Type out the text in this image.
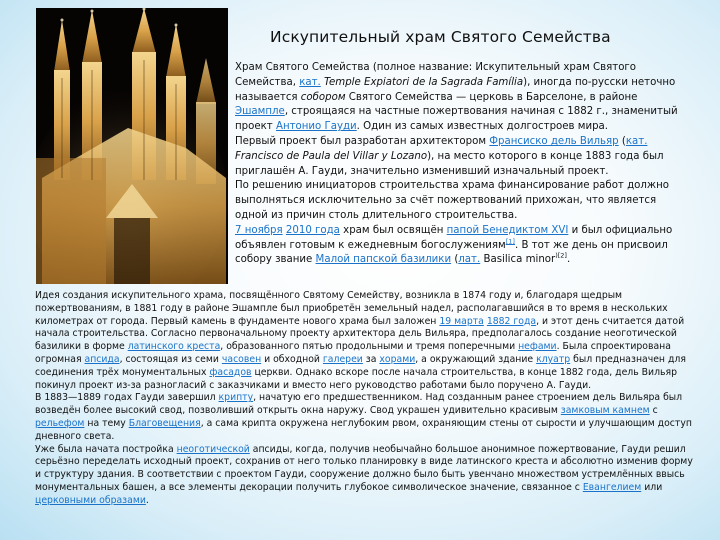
Искупительный храм Святого Семейства

Храм Святого Семейства (полное название: Искупительный храм Святого Семейства, кат. Temple Expiatori de la Sagrada Família), иногда по-русски неточно называется собором Святого Семейства — церковь в Барселоне, в районе Эшампле, строящаяся на частные пожертвования начиная с 1882 г., знаменитый проект Антонио Гауди. Один из самых известных долгостроев мира.

Первый проект был разработан архитектором Франсиско дель Вильяр (кат. Francisco de Paula del Villar y Lozano), на место которого в конце 1883 года был приглашён А. Гауди, значительно изменивший изначальный проект.

По решению инициаторов строительства храма финансирование работ должно выполняться исключительно за счёт пожертвований прихожан, что является одной из причин столь длительного строительства.

7 ноября 2010 года храм был освящён папой Бенедиктом XVI и был официально объявлен готовым к ежедневным богослужениям[1]. В тот же день он присвоил собору звание Малой папской базилики (лат. Basilica minor$^{)[2]}$.

Идея создания искупительного храма, посвящённого Святому Семейству, возникла в 1874 году и, благодаря щедрым пожертвованиям, в 1881 году в районе Эшампле был приобретён земельный надел, располагавшийся в то время в нескольких километрах от города. Первый камень в фундаменте нового храма был заложен 19 марта 1882 года, и этот день считается датой начала строительства. Согласно первоначальному проекту архитектора дель Вильяра, предполагалось создание неоготической базилики в форме латинского креста, образованного пятью продольными и тремя поперечными нефами. Была спроектирована огромная апсида, состоящая из семи часовен и обходной галереи за хорами, а окружающий здание клуатр был предназначен для соединения трёх монументальных фасадов церкви. Однако вскоре после начала строительства, в конце 1882 года, дель Вильяр покинул проект из-за разногласий с заказчиками и вместо него руководство работами было поручено А. Гауди.

В 1883—1889 годах Гауди завершил крипту, начатую его предшественником. Над созданным ранее строением дель Вильяра был возведён более высокий свод, позволивший открыть окна наружу. Свод украшен удивительно красивым замковым камнем с рельефом на тему Благовещения, а сама крипта окружена неглубоким рвом, охраняющим стены от сырости и улучшающим доступ дневного света.

Уже была начата постройка неоготической апсиды, когда, получив необычайно большое анонимное пожертвование, Гауди решил серьёзно переделать исходный проект, сохранив от него только планировку в виде латинского креста и абсолютно изменив форму и структуру здания. В соответствии с проектом Гауди, сооружение должно было быть увенчано множеством устремлённых ввысь монументальных башен, а все элементы декорации получить глубокое символическое значение, связанное с Евангелием или церковными образами.
